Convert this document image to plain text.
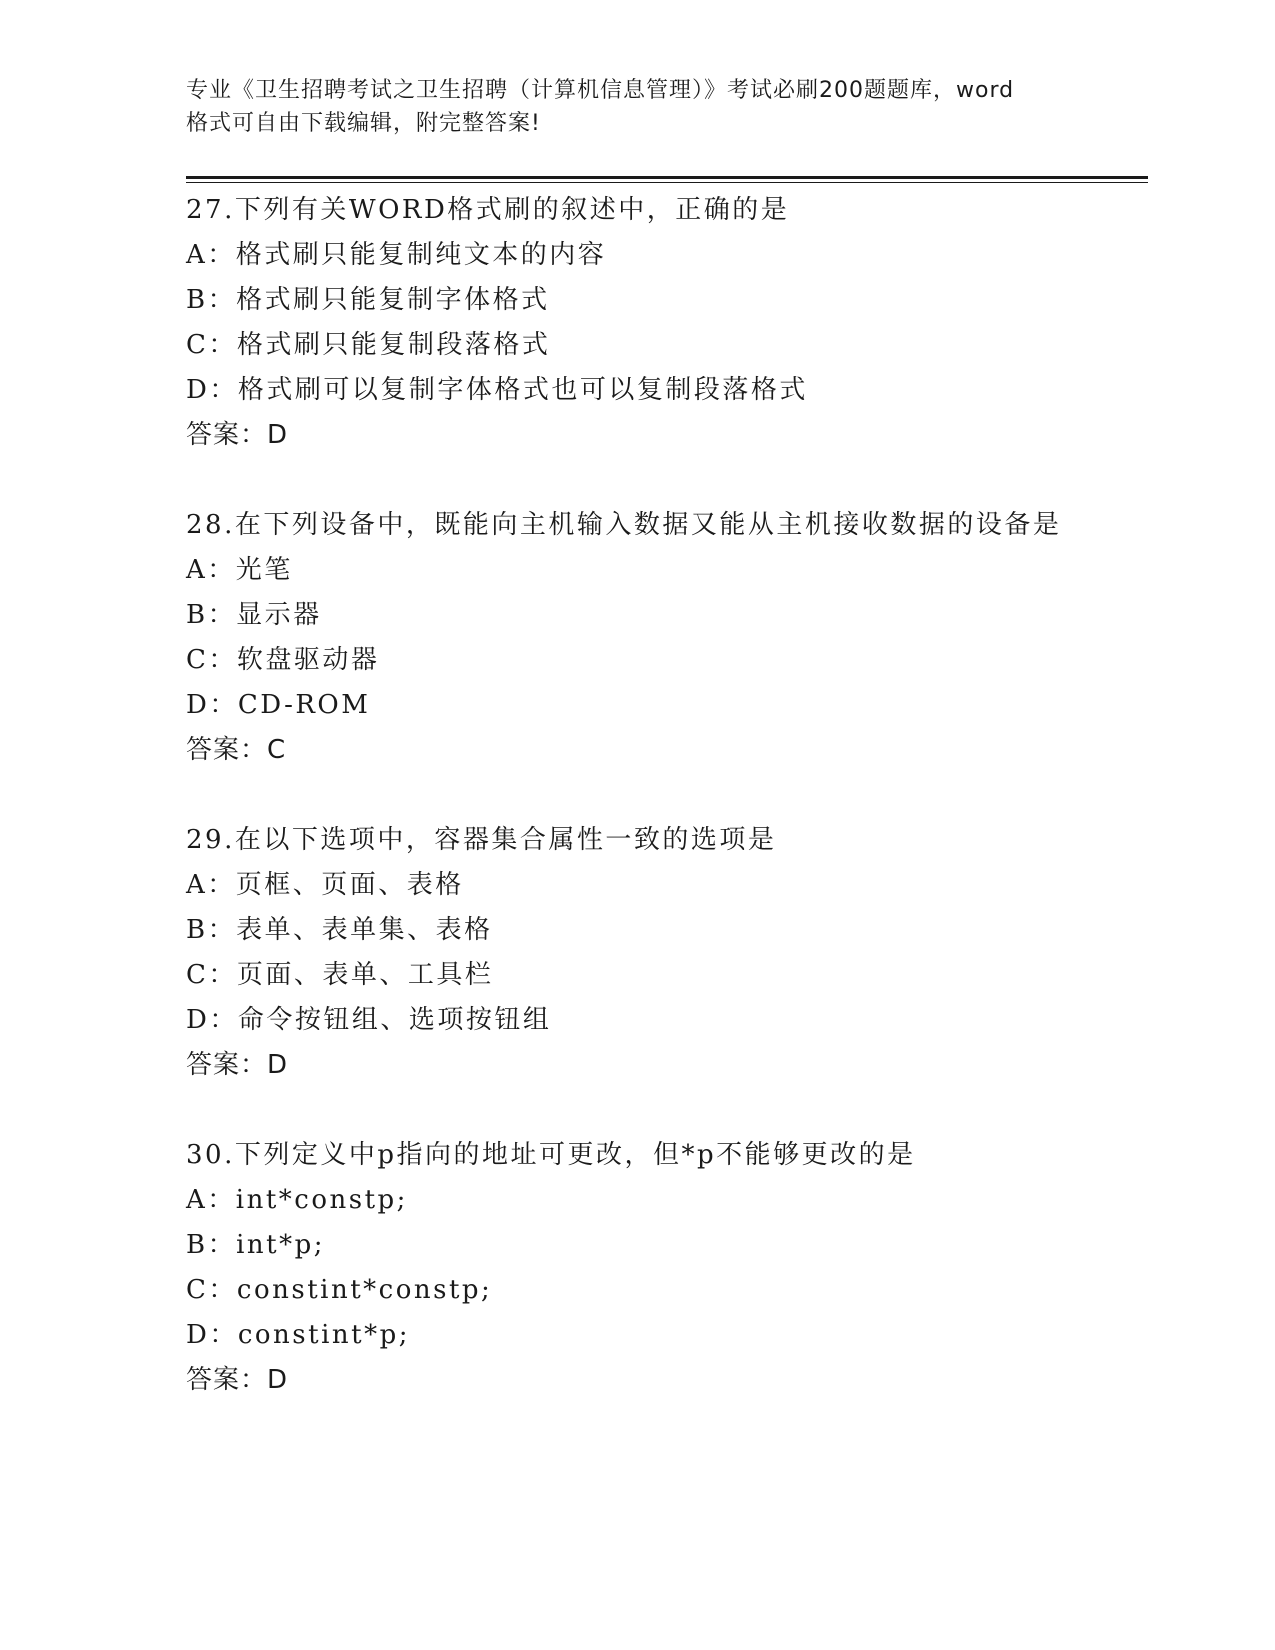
专业《卫生招聘考试之卫生招聘（计算机信息管理）》考试必刷200题题库，word
格式可自由下载编辑，附完整答案!
27.下列有关WORD格式刷的叙述中，正确的是
A：格式刷只能复制纯文本的内容
B：格式刷只能复制字体格式
C：格式刷只能复制段落格式
D：格式刷可以复制字体格式也可以复制段落格式
答案：D
28.在下列设备中，既能向主机输入数据又能从主机接收数据的设备是
A：光笔
B：显示器
C：软盘驱动器
D：CD-ROM
答案：C
29.在以下选项中，容器集合属性一致的选项是
A：页框、页面、表格
B：表单、表单集、表格
C：页面、表单、工具栏
D：命令按钮组、选项按钮组
答案：D
30.下列定义中p指向的地址可更改，但*p不能够更改的是
A：int*constp;
B：int*p;
C：constint*constp;
D：constint*p;
答案：D
